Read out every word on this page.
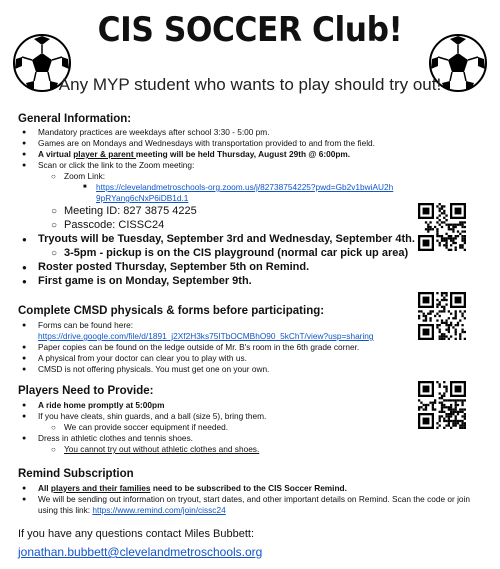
CIS SOCCER Club!
Any MYP student who wants to play should try out!

General Information:

● Mandatory practices are weekdays after school 3:30 - 5:00 pm.
● Games are on Mondays and Wednesdays with transportation provided to and from the field.
● A virtual player & parent meeting will be held Thursday, August 29th @ 6:00pm.
● Scan or click the link to the Zoom meeting:
○ Zoom Link:
■ https://clevelandmetroschools-org.zoom.us/j/82738754225?pwd=Gb2v1bwiAU2h9pRYang6cNxP6iDB1d.1
○ Meeting ID: 827 3875 4225
○ Passcode: CISSC24
● Tryouts will be Tuesday, September 3rd and Wednesday, September 4th.
○ 3-5pm - pickup is on the CIS playground (normal car pick up area)
● Roster posted Thursday, September 5th on Remind.
● First game is on Monday, September 9th.

Complete CMSD physicals & forms before participating:

● Forms can be found here:
https://drive.google.com/file/d/1891_j2Xf2H3ks75ITbOCMBhO90_5kChT/view?usp=sharing
● Paper copies can be found on the ledge outside of Mr. B's room in the 6th grade corner.
● A physical from your doctor can clear you to play with us.
● CMSD is not offering physicals. You must get one on your own.

Players Need to Provide:

● A ride home promptly at 5:00pm
● If you have cleats, shin guards, and a ball (size 5), bring them.
○ We can provide soccer equipment if needed.
● Dress in athletic clothes and tennis shoes.
○ You cannot try out without athletic clothes and shoes.

Remind Subscription

● All players and their families need to be subscribed to the CIS Soccer Remind.
● We will be sending out information on tryout, start dates, and other important details on Remind. Scan the code or join using this link: https://www.remind.com/join/cissc24
If you have any questions contact Miles Bubbett:
jonathan.bubbett@clevelandmetroschools.org
